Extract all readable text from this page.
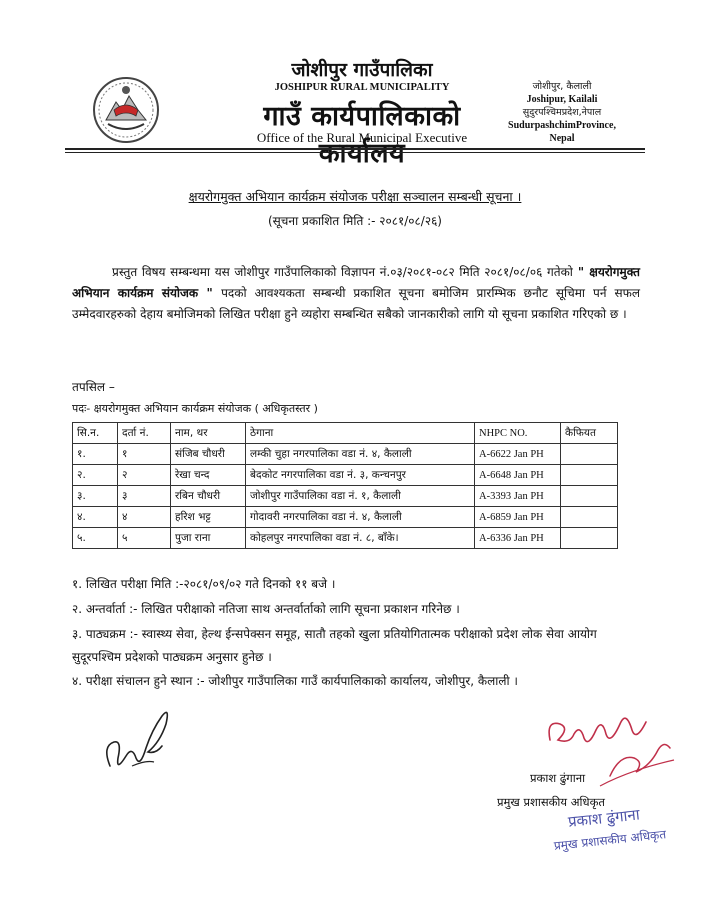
जोशीपुर गाउँपालिका
JOSHIPUR RURAL MUNICIPALITY
गाउँ कार्यपालिकाको कार्यालय
Office of the Rural Municipal Executive
जोशीपुर, कैलाली
Joshipur, Kailali
सुदुरपश्चिमप्रदेश,नेपाल
SudurpashchimProvince,
Nepal
क्षयरोगमुक्त अभियान कार्यक्रम संयोजक परीक्षा सञ्चालन सम्बन्धी सूचना ।
(सूचना प्रकाशित मिति :- २०८१/०८/२६)
प्रस्तुत विषय सम्बन्धमा यस जोशीपुर गाउँपालिकाको विज्ञापन नं.०३/२०८१-०८२ मिति २०८१/०८/०६ गतेको " क्षयरोगमुक्त अभियान कार्यक्रम संयोजक " पदको आवश्यकता सम्बन्धी प्रकाशित सूचना बमोजिम प्रारम्भिक छनौट सूचिमा पर्न सफल उम्मेदवारहरुको देहाय बमोजिमको लिखित परीक्षा हुने व्यहोरा सम्बन्धित सबैको जानकारीको लागि यो सूचना प्रकाशित गरिएको छ ।
तपसिल –
पदः- क्षयरोगमुक्त अभियान कार्यक्रम संयोजक ( अधिकृतस्तर )
सि.न.	दर्ता नं.	नाम, थर	ठेगाना	NHPC NO.	कैफियत
१.	१	संजिब चौधरी	लम्की चुहा नगरपालिका वडा नं. ४, कैलाली	A-6622 Jan PH	
२.	२	रेखा चन्द	बेदकोट नगरपालिका वडा नं. ३, कन्चनपुर	A-6648 Jan PH	
३.	३	रबिन चौधरी	जोशीपुर गाउँपालिका वडा नं. १, कैलाली	A-3393 Jan PH	
४.	४	हरिश भट्ट	गोदावरी नगरपालिका वडा नं. ४, कैलाली	A-6859 Jan PH	
५.	५	पुजा राना	कोहलपुर नगरपालिका वडा नं. ८, बाँके।	A-6336 Jan PH	
१. लिखित परीक्षा मिति :-२०८१/०९/०२ गते दिनको ११ बजे ।
२. अन्तर्वार्ता :- लिखित परीक्षाको नतिजा साथ अन्तर्वार्ताको लागि सूचना प्रकाशन गरिनेछ ।
३. पाठ्यक्रम :- स्वास्थ्य सेवा, हेल्थ ईन्सपेक्सन समूह, सातौ तहको खुला प्रतियोगितात्मक परीक्षाको प्रदेश लोक सेवा आयोग सुदूरपश्चिम प्रदेशको पाठ्यक्रम अनुसार हुनेछ ।
४. परीक्षा संचालन हुने स्थान :- जोशीपुर गाउँपालिका गाउँ कार्यपालिकाको कार्यालय, जोशीपुर, कैलाली ।
प्रकाश ढुंगाना
प्रमुख प्रशासकीय अधिकृत
प्रकाश ढुंगाना
प्रमुख प्रशासकीय अधिकृत
